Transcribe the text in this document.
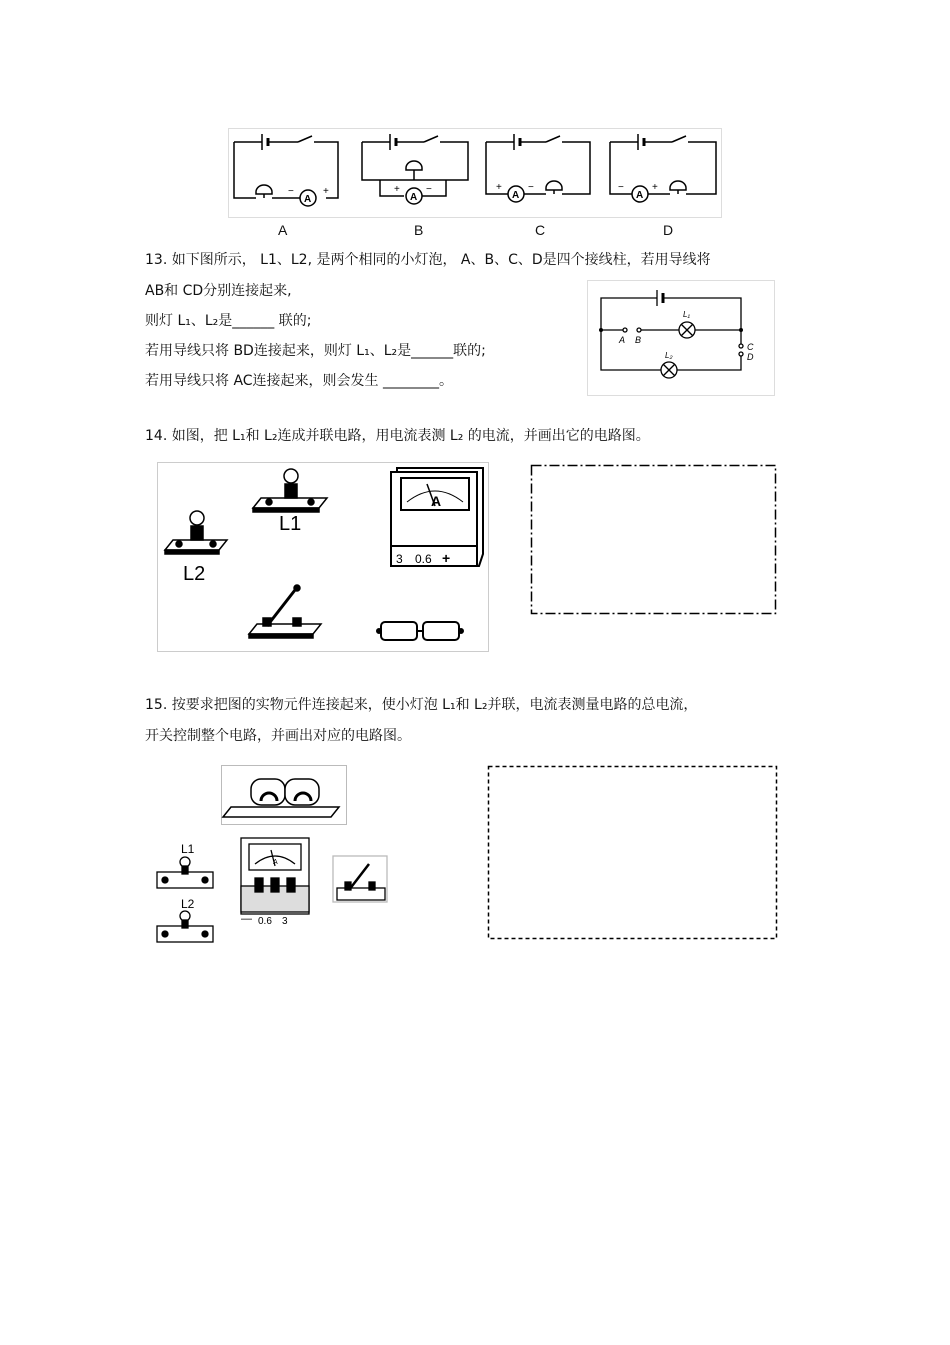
A	A	A	A
−	+	+	−	+	−	−	+
A	B	C	D
13. 如下图所示， L1、L2, 是两个相同的小灯泡， A、B、C、D是四个接线柱，若用导线将
AB和 CD分别连接起来,
则灯 L₁、L₂是______ 联的;
若用导线只将 BD连接起来，则灯 L₁、L₂是______联的;
若用导线只将 AC连接起来，则会发生 ________。
A B
C
D
L₁
L₂
14. 如图，把 L₁和 L₂连成并联电路，用电流表测 L₂ 的电流，并画出它的电路图。
L1
L2
A
3 0.6 +
15. 按要求把图的实物元件连接起来，使小灯泡 L₁和 L₂并联，电流表测量电路的总电流，
开关控制整个电路，并画出对应的电路图。
L1
L2
A
— 0.6 3
